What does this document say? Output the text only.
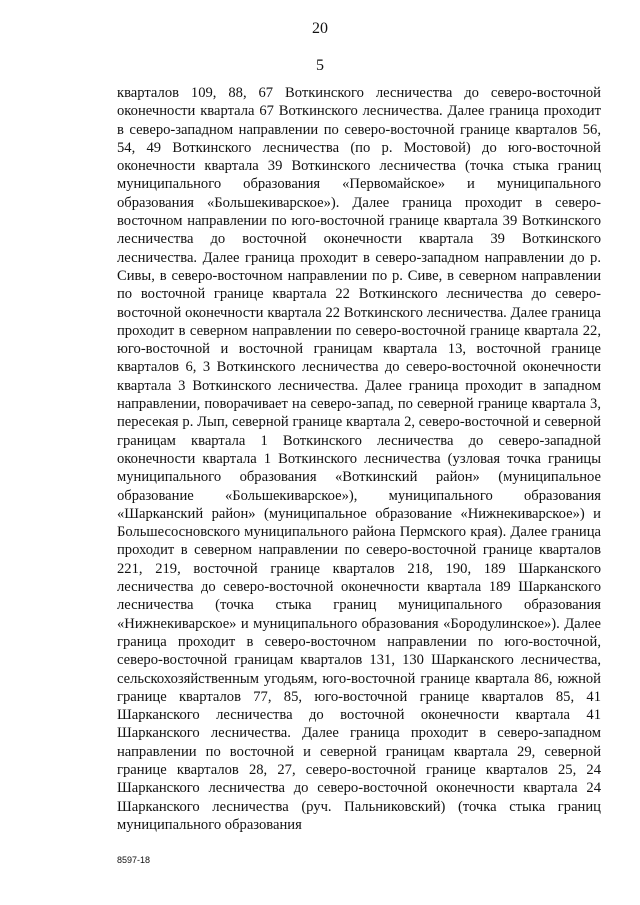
20
5

кварталов 109, 88, 67 Воткинского лесничества до северо-восточной оконечности квартала 67 Воткинского лесничества. Далее граница проходит в северо-западном направлении по северо-восточной границе кварталов 56, 54, 49 Воткинского лесничества (по р. Мостовой) до юго-восточной оконечности квартала 39 Воткинского лесничества (точка стыка границ муниципального образования «Первомайское» и муниципального образования «Большекиварское»). Далее граница проходит в северо-восточном направлении по юго-восточной границе квартала 39 Воткинского лесничества до восточной оконечности квартала 39 Воткинского лесничества. Далее граница проходит в северо-западном направлении до р. Сивы, в северо-восточном направлении по р. Сиве, в северном направлении по восточной границе квартала 22 Воткинского лесничества до северо-восточной оконечности квартала 22 Воткинского лесничества. Далее граница проходит в северном направлении по северо-восточной границе квартала 22, юго-восточной и восточной границам квартала 13, восточной границе кварталов 6, 3 Воткинского лесничества до северо-восточной оконечности квартала 3 Воткинского лесничества. Далее граница проходит в западном направлении, поворачивает на северо-запад, по северной границе квартала 3, пересекая р. Лып, северной границе квартала 2, северо-восточной и северной границам квартала 1 Воткинского лесничества до северо-западной оконечности квартала 1 Воткинского лесничества (узловая точка границы муниципального образования «Воткинский район» (муниципальное образование «Большекиварское»), муниципального образования «Шарканский район» (муниципальное образование «Нижнекиварское») и Большесосновского муниципального района Пермского края). Далее граница проходит в северном направлении по северо-восточной границе кварталов 221, 219, восточной границе кварталов 218, 190, 189 Шарканского лесничества до северо-восточной оконечности квартала 189 Шарканского лесничества (точка стыка границ муниципального образования «Нижнекиварское» и муниципального образования «Бородулинское»). Далее граница проходит в северо-восточном направлении по юго-восточной, северо-восточной границам кварталов 131, 130 Шарканского лесничества, сельскохозяйственным угодьям, юго-восточной границе квартала 86, южной границе кварталов 77, 85, юго-восточной границе кварталов 85, 41 Шарканского лесничества до восточной оконечности квартала 41 Шарканского лесничества. Далее граница проходит в северо-западном направлении по восточной и северной границам квартала 29, северной границе кварталов 28, 27, северо-восточной границе кварталов 25, 24 Шарканского лесничества до северо-восточной оконечности квартала 24 Шарканского лесничества (руч. Пальниковский) (точка стыка границ муниципального образования

8597-18
